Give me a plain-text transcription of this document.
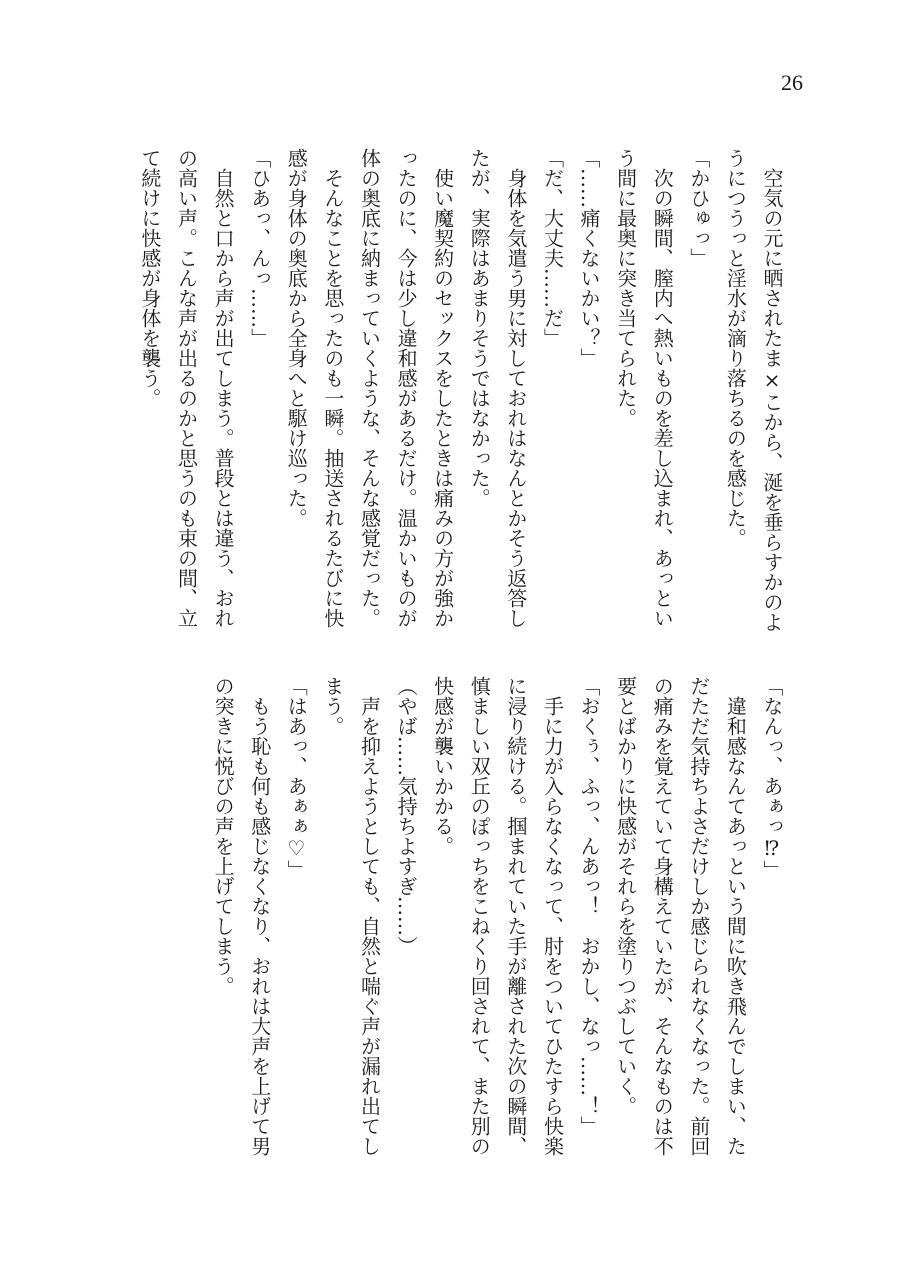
26
　空気の元に晒されたま×こから、涎を垂らすかのよ
うにつうっと淫水が滴り落ちるのを感じた。
「かひゅっ」
　次の瞬間、膣内へ熱いものを差し込まれ、あっとい
う間に最奥に突き当てられた。
「……痛くないかい？」
「だ、大丈夫……だ」
　身体を気遣う男に対しておれはなんとかそう返答し
たが、実際はあまりそうではなかった。
　使い魔契約のセックスをしたときは痛みの方が強か
ったのに、今は少し違和感があるだけ。温かいものが
体の奥底に納まっていくような、そんな感覚だった。
　そんなことを思ったのも一瞬。抽送されるたびに快
感が身体の奥底から全身へと駆け巡った。
「ひあっ、んっ……」
　自然と口から声が出てしまう。普段とは違う、おれ
の高い声。こんな声が出るのかと思うのも束の間、立
て続けに快感が身体を襲う。
「なんっ、あぁっ⁉」
　違和感なんてあっという間に吹き飛んでしまい、た
だただ気持ちよさだけしか感じられなくなった。前回
の痛みを覚えていて身構えていたが、そんなものは不
要とばかりに快感がそれらを塗りつぶしていく。
「おくぅ、ふっ、んあっ！　おかし、なっ……！」
　手に力が入らなくなって、肘をついてひたすら快楽
に浸り続ける。掴まれていた手が離された次の瞬間、
慎ましい双丘のぽっちをこねくり回されて、また別の
快感が襲いかかる。
（やば……気持ちよすぎ……）
　声を抑えようとしても、自然と喘ぐ声が漏れ出てし
まう。
「はあっ、あぁぁ♡」
　もう恥も何も感じなくなり、おれは大声を上げて男
の突きに悦びの声を上げてしまう。
